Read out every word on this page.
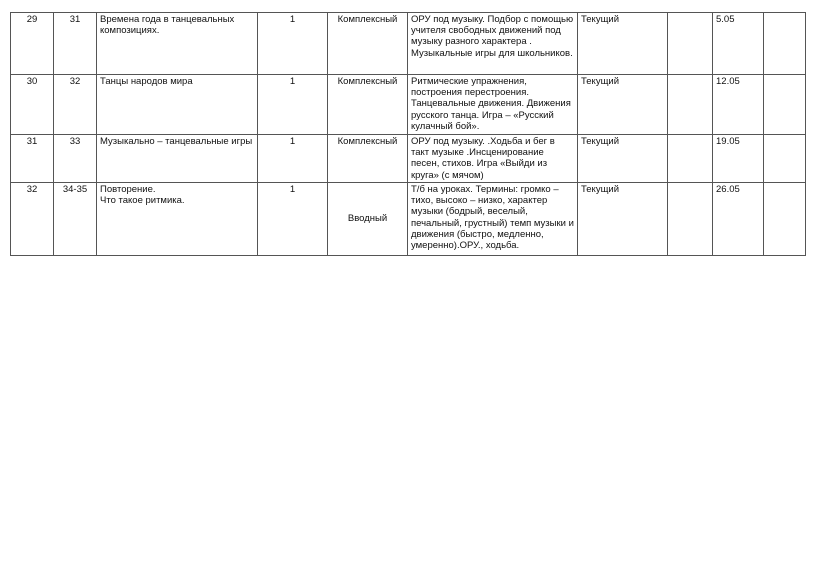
29	31	Времена года в танцевальных композициях.	1	Комплексный	ОРУ под музыку. Подбор с помощью учителя свободных движений под музыку разного характера . Музыкальные игры для школьников.	Текущий		5.05	
30	32	Танцы народов мира	1	Комплексный	Ритмические упражнения, построения перестроения. Танцевальные движения. Движения русского танца. Игра – «Русский кулачный бой».	Текущий		12.05	
31	33	Музыкально – танцевальные игры	1	Комплексный	ОРУ под музыку. .Ходьба и бег в такт музыке .Инсценирование песен, стихов. Игра «Выйди из круга» (с мячом)	Текущий		19.05	
32	34-35	Повторение.
Что такое ритмика.	1	Вводный	Т/б на уроках. Термины: громко – тихо, высоко – низко, характер музыки (бодрый, веселый, печальный, грустный) темп музыки и движения (быстро, медленно, умеренно).ОРУ., ходьба.	Текущий		26.05	
